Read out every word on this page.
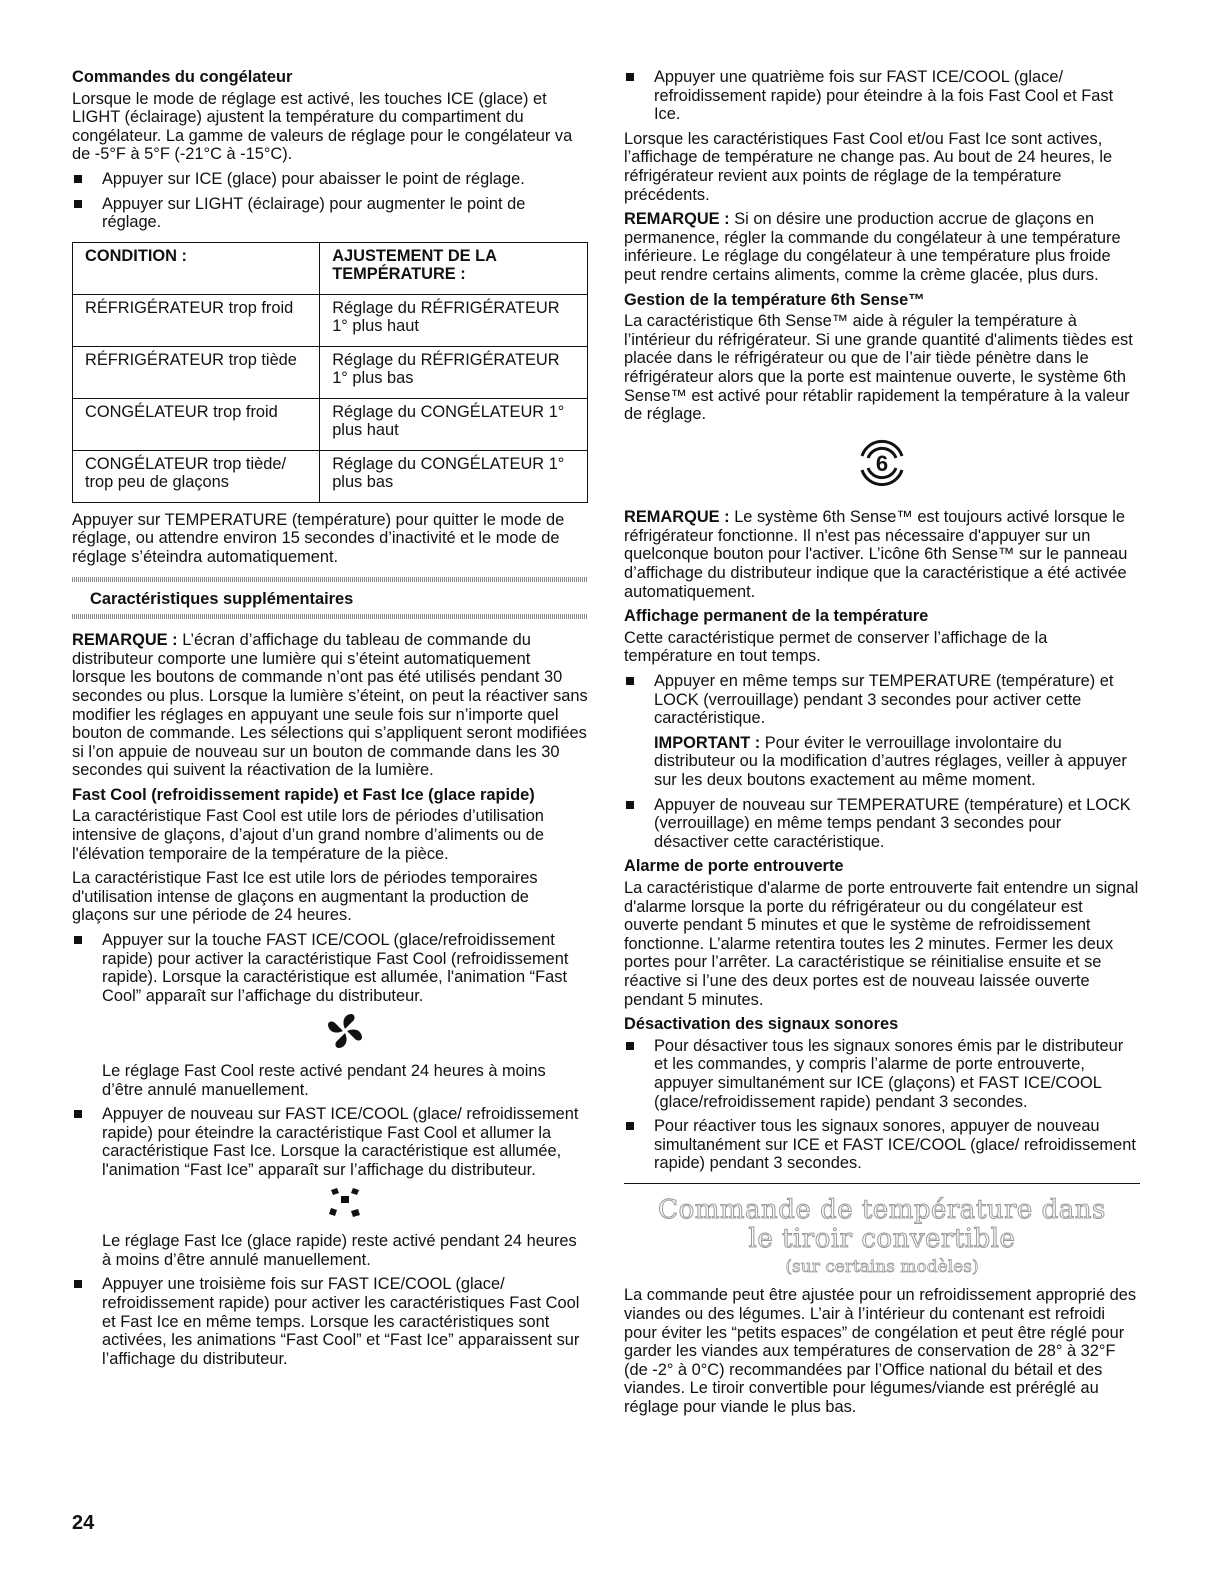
Commandes du congélateur

Lorsque le mode de réglage est activé, les touches ICE (glace) et LIGHT (éclairage) ajustent la température du compartiment du congélateur. La gamme de valeurs de réglage pour le congélateur va de -5°F à 5°F (-21°C à -15°C).

Appuyer sur ICE (glace) pour abaisser le point de réglage.
Appuyer sur LIGHT (éclairage) pour augmenter le point de réglage.
CONDITION :	AJUSTEMENT DE LA TEMPÉRATURE :
RÉFRIGÉRATEUR trop froid	Réglage du RÉFRIGÉRATEUR 1° plus haut
RÉFRIGÉRATEUR trop tiède	Réglage du RÉFRIGÉRATEUR 1° plus bas
CONGÉLATEUR trop froid	Réglage du CONGÉLATEUR 1° plus haut
CONGÉLATEUR trop tiède/ trop peu de glaçons	Réglage du CONGÉLATEUR 1° plus bas

Appuyer sur TEMPERATURE (température) pour quitter le mode de réglage, ou attendre environ 15 secondes d’inactivité et le mode de réglage s’éteindra automatiquement.

Caractéristiques supplémentaires

REMARQUE : L’écran d’affichage du tableau de commande du distributeur comporte une lumière qui s’éteint automatiquement lorsque les boutons de commande n’ont pas été utilisés pendant 30 secondes ou plus. Lorsque la lumière s’éteint, on peut la réactiver sans modifier les réglages en appuyant une seule fois sur n’importe quel bouton de commande. Les sélections qui s’appliquent seront modifiées si l’on appuie de nouveau sur un bouton de commande dans les 30 secondes qui suivent la réactivation de la lumière.

Fast Cool (refroidissement rapide) et Fast Ice (glace rapide)

La caractéristique Fast Cool est utile lors de périodes d’utilisation intensive de glaçons, d’ajout d’un grand nombre d’aliments ou de l'élévation temporaire de la température de la pièce.

La caractéristique Fast Ice est utile lors de périodes temporaires d'utilisation intense de glaçons en augmentant la production de glaçons sur une période de 24 heures.

Appuyer sur la touche FAST ICE/COOL (glace/refroidissement rapide) pour activer la caractéristique Fast Cool (refroidissement rapide). Lorsque la caractéristique est allumée, l'animation “Fast Cool” apparaît sur l’affichage du distributeur.
Le réglage Fast Cool reste activé pendant 24 heures à moins d’être annulé manuellement.
Appuyer de nouveau sur FAST ICE/COOL (glace/ refroidissement rapide) pour éteindre la caractéristique Fast Cool et allumer la caractéristique Fast Ice. Lorsque la caractéristique est allumée, l'animation “Fast Ice” apparaît sur l’affichage du distributeur.
Le réglage Fast Ice (glace rapide) reste activé pendant 24 heures à moins d’être annulé manuellement.
Appuyer une troisième fois sur FAST ICE/COOL (glace/ refroidissement rapide) pour activer les caractéristiques Fast Cool et Fast Ice en même temps. Lorsque les caractéristiques sont activées, les animations “Fast Cool” et “Fast Ice” apparaissent sur l’affichage du distributeur.
Appuyer une quatrième fois sur FAST ICE/COOL (glace/ refroidissement rapide) pour éteindre à la fois Fast Cool et Fast Ice.

Lorsque les caractéristiques Fast Cool et/ou Fast Ice sont actives, l’affichage de température ne change pas. Au bout de 24 heures, le réfrigérateur revient aux points de réglage de la température précédents.

REMARQUE : Si on désire une production accrue de glaçons en permanence, régler la commande du congélateur à une température inférieure. Le réglage du congélateur à une température plus froide peut rendre certains aliments, comme la crème glacée, plus durs.

Gestion de la température 6th Sense™

La caractéristique 6th Sense™ aide à réguler la température à l’intérieur du réfrigérateur. Si une grande quantité d'aliments tièdes est placée dans le réfrigérateur ou que de l’air tiède pénètre dans le réfrigérateur alors que la porte est maintenue ouverte, le système 6th Sense™ est activé pour rétablir rapidement la température à la valeur de réglage.

6

REMARQUE : Le système 6th Sense™ est toujours activé lorsque le réfrigérateur fonctionne. Il n'est pas nécessaire d'appuyer sur un quelconque bouton pour l'activer. L’icône 6th Sense™ sur le panneau d’affichage du distributeur indique que la caractéristique a été activée automatiquement.

Affichage permanent de la température

Cette caractéristique permet de conserver l’affichage de la température en tout temps.

Appuyer en même temps sur TEMPERATURE (température) et LOCK (verrouillage) pendant 3 secondes pour activer cette caractéristique.
IMPORTANT : Pour éviter le verrouillage involontaire du distributeur ou la modification d’autres réglages, veiller à appuyer sur les deux boutons exactement au même moment.
Appuyer de nouveau sur TEMPERATURE (température) et LOCK (verrouillage) en même temps pendant 3 secondes pour désactiver cette caractéristique.

Alarme de porte entrouverte

La caractéristique d'alarme de porte entrouverte fait entendre un signal d'alarme lorsque la porte du réfrigérateur ou du congélateur est ouverte pendant 5 minutes et que le système de refroidissement fonctionne. L’alarme retentira toutes les 2 minutes. Fermer les deux portes pour l’arrêter. La caractéristique se réinitialise ensuite et se réactive si l’une des deux portes est de nouveau laissée ouverte pendant 5 minutes.

Désactivation des signaux sonores

Pour désactiver tous les signaux sonores émis par le distributeur et les commandes, y compris l’alarme de porte entrouverte, appuyer simultanément sur ICE (glaçons) et FAST ICE/COOL (glace/refroidissement rapide) pendant 3 secondes.
Pour réactiver tous les signaux sonores, appuyer de nouveau simultanément sur ICE et FAST ICE/COOL (glace/ refroidissement rapide) pendant 3 secondes.
Commande de température dans
le tiroir convertible
(sur certains modèles)

La commande peut être ajustée pour un refroidissement approprié des viandes ou des légumes. L’air à l’intérieur du contenant est refroidi pour éviter les “petits espaces” de congélation et peut être réglé pour garder les viandes aux températures de conservation de 28° à 32°F (de -2° à 0°C) recommandées par l’Office national du bétail et des viandes. Le tiroir convertible pour légumes/viande est préréglé au réglage pour viande le plus bas.

24
